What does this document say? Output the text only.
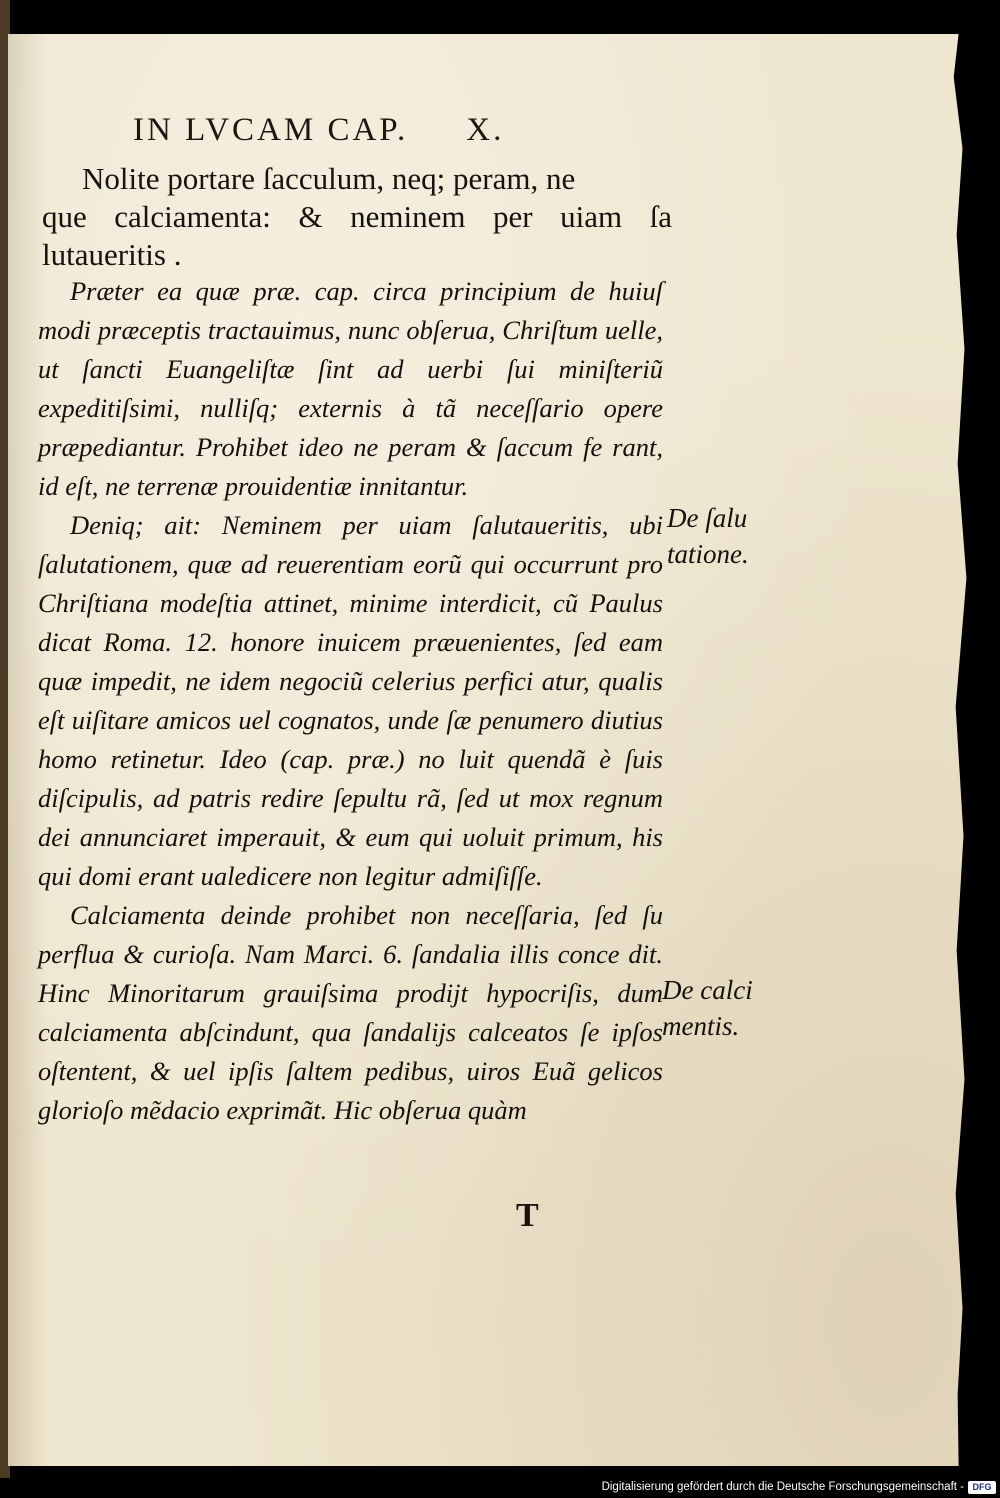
IN LVCAM CAP. X.
Nolite portare ſacculum, neq; peram, ne
que calciamenta: & neminem per uiam ſa lutaueritis .

Præter ea quæ præ. cap. circa principium de huiuſ modi præceptis tractauimus, nunc obſerua, Chriſtum uelle, ut ſancti Euangeliſtæ ſint ad uerbi ſui miniſteriũ expeditiſsimi, nulliſq; externis à tã neceſſario opere præpediantur. Prohibet ideo ne peram & ſaccum fe rant, id eſt, ne terrenæ prouidentiæ innitantur.

Deniq; ait: Neminem per uiam ſalutaueritis, ubi ſalutationem, quæ ad reuerentiam eorũ qui occurrunt pro Chriſtiana modeſtia attinet, minime interdicit, cũ Paulus dicat Roma. 12. honore inuicem præuenientes, ſed eam quæ impedit, ne idem negociũ celerius perfici atur, qualis eſt uiſitare amicos uel cognatos, unde ſæ penumero diutius homo retinetur. Ideo (cap. præ.) no luit quendã è ſuis diſcipulis, ad patris redire ſepultu rã, ſed ut mox regnum dei annunciaret imperauit, & eum qui uoluit primum, his qui domi erant ualedicere non legitur admiſiſſe.

Calciamenta deinde prohibet non neceſſaria, ſed ſu perflua & curioſa. Nam Marci. 6. ſandalia illis conce dit. Hinc Minoritarum grauiſsima prodijt hypocriſis, dum calciamenta abſcindunt, qua ſandalijs calceatos ſe ipſos oſtentent, & uel ipſis ſaltem pedibus, uiros Euã gelicos glorioſo mẽdacio exprimãt. Hic obſerua quàm

De ſalu
tatione.
De calci
mentis.
T
Digitalisierung gefördert durch die Deutsche Forschungsgemeinschaft - DFG
